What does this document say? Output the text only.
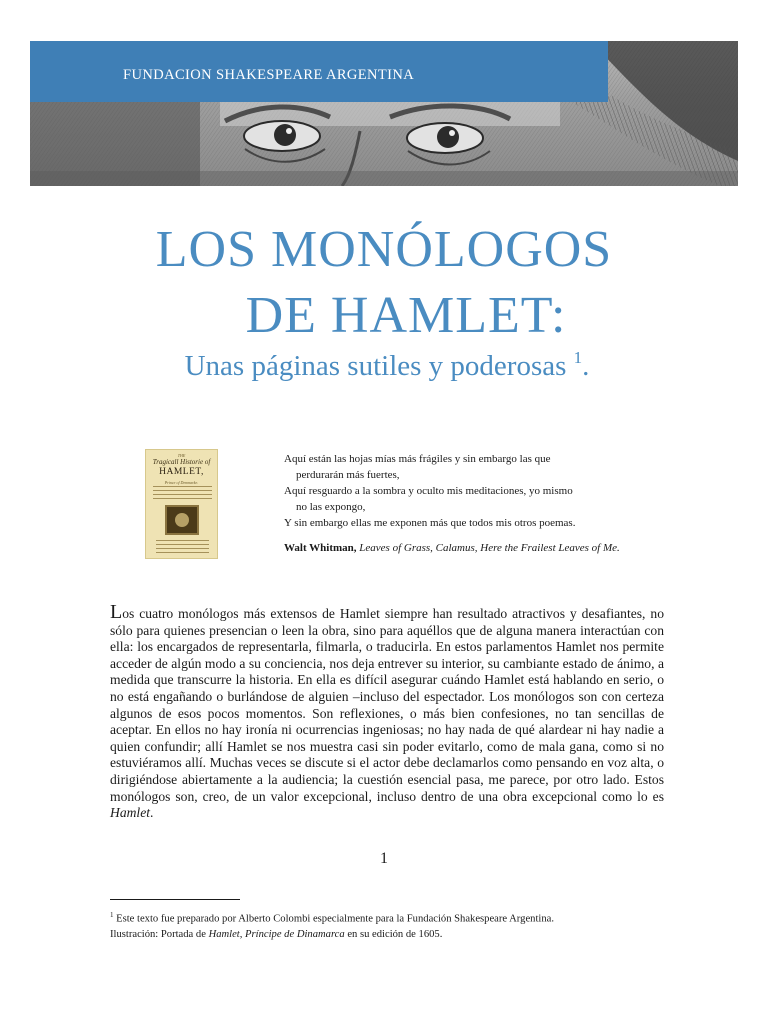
FUNDACION SHAKESPEARE ARGENTINA
LOS MONÓLOGOS
DE HAMLET:
Unas páginas sutiles y poderosas $^1$.
THE
Tragicall Historie of
HAMLET,
Prince of Denmarke.

Aquí están las hojas mías más frágiles y sin embargo las que

perdurarán más fuertes,

Aquí resguardo a la sombra y oculto mis meditaciones, yo mismo

no las expongo,

Y sin embargo ellas me exponen más que todos mis otros poemas.

Walt Whitman, Leaves of Grass, Calamus, Here the Frailest Leaves of Me.

Los cuatro monólogos más extensos de Hamlet siempre han resultado atractivos y desafiantes, no sólo para quienes presencian o leen la obra, sino para aquéllos que de alguna manera interactúan con ella: los encargados de representarla, filmarla, o traducirla. En estos parlamentos Hamlet nos permite acceder de algún modo a su conciencia, nos deja entrever su interior, su cambiante estado de ánimo, a medida que transcurre la historia. En ella es difícil asegurar cuándo Hamlet está hablando en serio, o no está engañando o burlándose de alguien –incluso del espectador. Los monólogos son con certeza algunos de esos pocos momentos. Son reflexiones, o más bien confesiones, no tan sencillas de aceptar. En ellos no hay ironía ni ocurrencias ingeniosas; no hay nada de qué alardear ni hay nadie a quien confundir; allí Hamlet se nos muestra casi sin poder evitarlo, como de mala gana, como si no estuviéramos allí. Muchas veces se discute si el actor debe declamarlos como pensando en voz alta, o dirigiéndose abiertamente a la audiencia; la cuestión esencial pasa, me parece, por otro lado. Estos monólogos son, creo, de un valor excepcional, incluso dentro de una obra excepcional como lo es Hamlet.
1

$^1$ Este texto fue preparado por Alberto Colombi especialmente para la Fundación Shakespeare Argentina.

Ilustración: Portada de Hamlet, Príncipe de Dinamarca en su edición de 1605.
